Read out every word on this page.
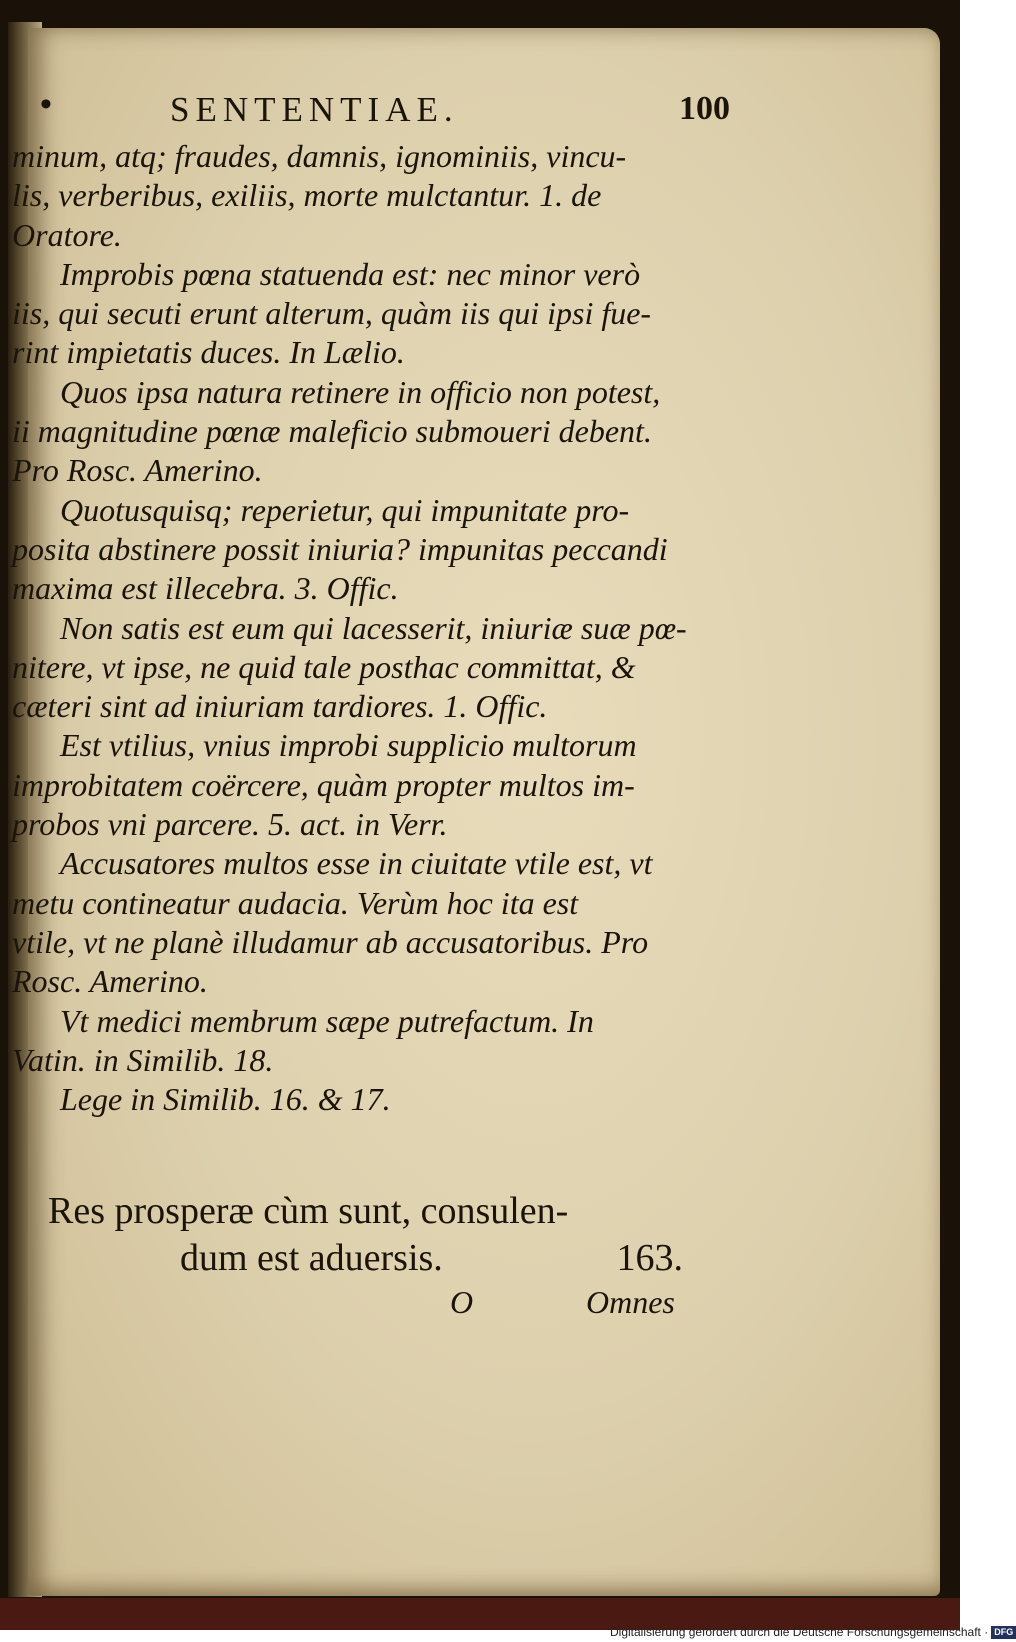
•	SENTENTIAE.	100
minum, atq; fraudes, damnis, ignominiis, vincu-
lis, verberibus, exiliis, morte mulctantur. 1. de
Oratore.
Improbis pœna statuenda est: nec minor verò
iis, qui secuti erunt alterum, quàm iis qui ipsi fue-
rint impietatis duces. In Lælio.
Quos ipsa natura retinere in officio non potest,
ii magnitudine pœnæ maleficio submoueri debent.
Pro Rosc. Amerino.
Quotusquisq; reperietur, qui impunitate pro-
posita abstinere possit iniuria? impunitas peccandi
maxima est illecebra. 3. Offic.
Non satis est eum qui lacesserit, iniuriæ suæ pœ-
nitere, vt ipse, ne quid tale posthac committat, &
cæteri sint ad iniuriam tardiores. 1. Offic.
Est vtilius, vnius improbi supplicio multorum
improbitatem coërcere, quàm propter multos im-
probos vni parcere. 5. act. in Verr.
Accusatores multos esse in ciuitate vtile est, vt
metu contineatur audacia. Verùm hoc ita est
vtile, vt ne planè illudamur ab accusatoribus. Pro
Rosc. Amerino.
Vt medici membrum sæpe putrefactum. In
Vatin. in Similib. 18.
Lege in Similib. 16. & 17.
Res prosperæ cùm sunt, consulen-
dum est aduersis.	163.
O	Omnes
Digitalisierung gefördert durch die Deutsche Forschungsgemeinschaft · DFG
